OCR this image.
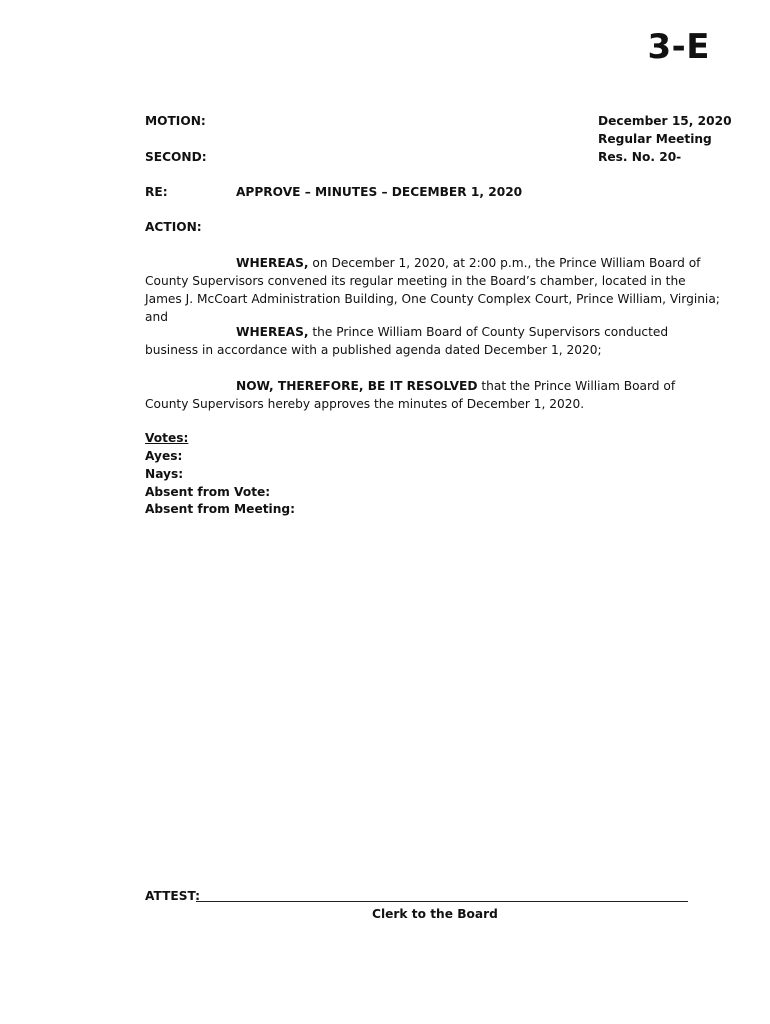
3-E
MOTION:
SECOND:
December 15, 2020
Regular Meeting
Res. No. 20-
RE:	APPROVE – MINUTES – DECEMBER 1, 2020
ACTION:
WHEREAS, on December 1, 2020, at 2:00 p.m., the Prince William Board of County Supervisors convened its regular meeting in the Board’s chamber, located in the James J. McCoart Administration Building, One County Complex Court, Prince William, Virginia; and
WHEREAS, the Prince William Board of County Supervisors conducted business in accordance with a published agenda dated December 1, 2020;
NOW, THEREFORE, BE IT RESOLVED that the Prince William Board of County Supervisors hereby approves the minutes of December 1, 2020.
Votes:
Ayes:
Nays:
Absent from Vote:
Absent from Meeting:
ATTEST:
Clerk to the Board
